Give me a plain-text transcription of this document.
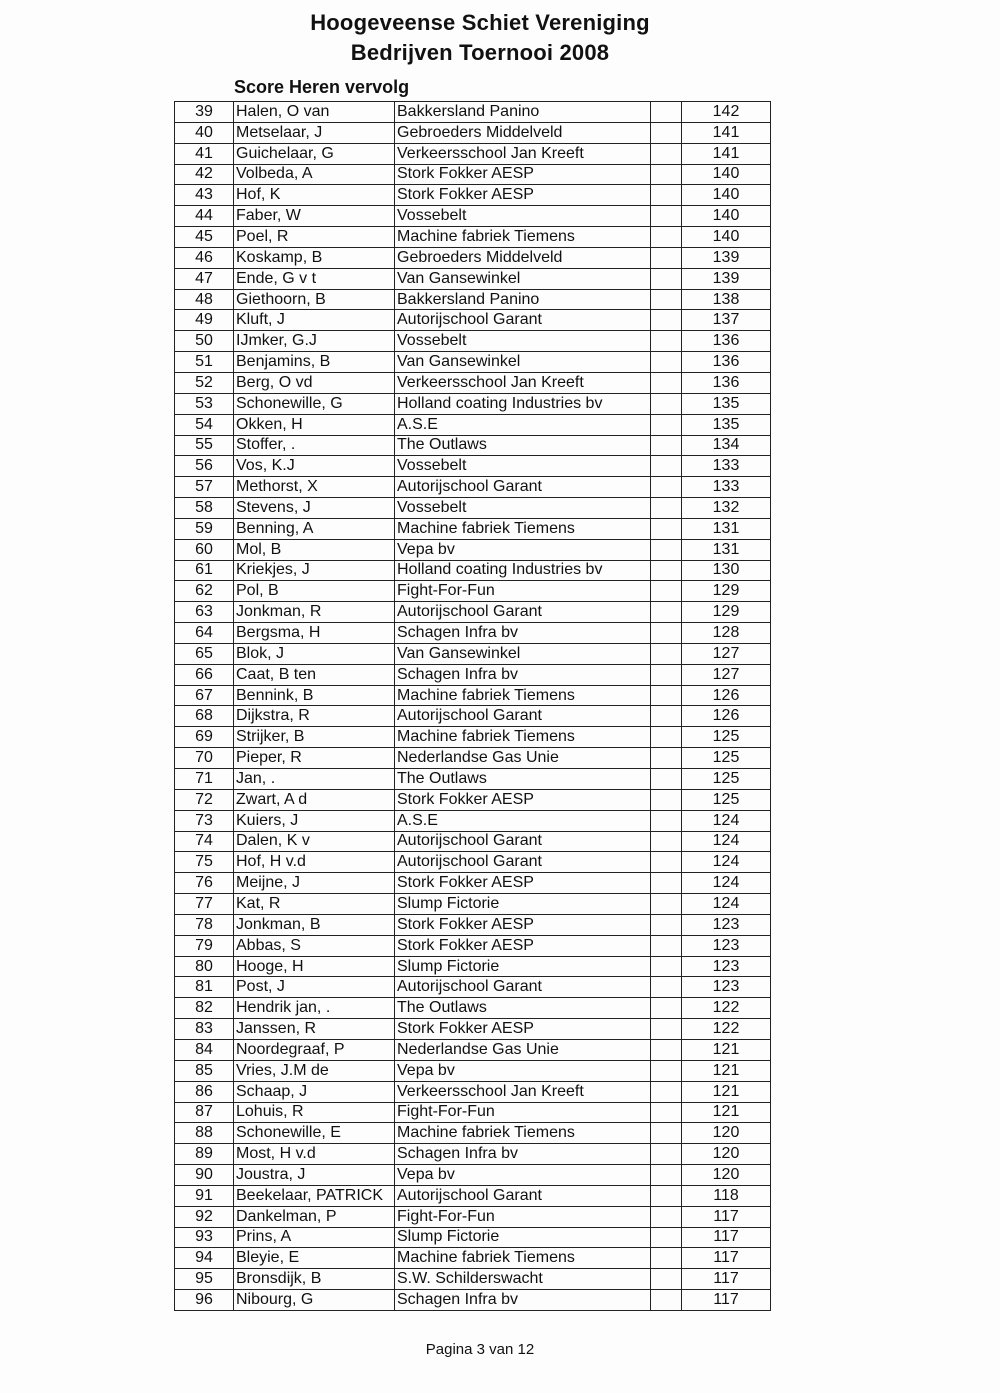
Hoogeveense Schiet Vereniging
Bedrijven Toernooi 2008
Score Heren vervolg
39	Halen, O van	Bakkersland Panino		142
40	Metselaar, J	Gebroeders Middelveld		141
41	Guichelaar, G	Verkeersschool Jan Kreeft		141
42	Volbeda, A	Stork Fokker AESP		140
43	Hof, K	Stork Fokker AESP		140
44	Faber, W	Vossebelt		140
45	Poel, R	Machine fabriek Tiemens		140
46	Koskamp, B	Gebroeders Middelveld		139
47	Ende, G v t	Van Gansewinkel		139
48	Giethoorn, B	Bakkersland Panino		138
49	Kluft, J	Autorijschool Garant		137
50	IJmker, G.J	Vossebelt		136
51	Benjamins, B	Van Gansewinkel		136
52	Berg, O vd	Verkeersschool Jan Kreeft		136
53	Schonewille, G	Holland coating Industries bv		135
54	Okken, H	A.S.E		135
55	Stoffer, .	The Outlaws		134
56	Vos, K.J	Vossebelt		133
57	Methorst, X	Autorijschool Garant		133
58	Stevens, J	Vossebelt		132
59	Benning, A	Machine fabriek Tiemens		131
60	Mol, B	Vepa bv		131
61	Kriekjes, J	Holland coating Industries bv		130
62	Pol, B	Fight-For-Fun		129
63	Jonkman, R	Autorijschool Garant		129
64	Bergsma, H	Schagen Infra bv		128
65	Blok, J	Van Gansewinkel		127
66	Caat, B ten	Schagen Infra bv		127
67	Bennink, B	Machine fabriek Tiemens		126
68	Dijkstra, R	Autorijschool Garant		126
69	Strijker, B	Machine fabriek Tiemens		125
70	Pieper, R	Nederlandse Gas Unie		125
71	Jan, .	The Outlaws		125
72	Zwart, A d	Stork Fokker AESP		125
73	Kuiers, J	A.S.E		124
74	Dalen, K v	Autorijschool Garant		124
75	Hof, H v.d	Autorijschool Garant		124
76	Meijne, J	Stork Fokker AESP		124
77	Kat, R	Slump Fictorie		124
78	Jonkman, B	Stork Fokker AESP		123
79	Abbas, S	Stork Fokker AESP		123
80	Hooge, H	Slump Fictorie		123
81	Post, J	Autorijschool Garant		123
82	Hendrik jan, .	The Outlaws		122
83	Janssen, R	Stork Fokker AESP		122
84	Noordegraaf, P	Nederlandse Gas Unie		121
85	Vries, J.M de	Vepa bv		121
86	Schaap, J	Verkeersschool Jan Kreeft		121
87	Lohuis, R	Fight-For-Fun		121
88	Schonewille, E	Machine fabriek Tiemens		120
89	Most, H v.d	Schagen Infra bv		120
90	Joustra, J	Vepa bv		120
91	Beekelaar, PATRICK	Autorijschool Garant		118
92	Dankelman, P	Fight-For-Fun		117
93	Prins, A	Slump Fictorie		117
94	Bleyie, E	Machine fabriek Tiemens		117
95	Bronsdijk, B	S.W. Schilderswacht		117
96	Nibourg, G	Schagen Infra bv		117
Pagina 3 van 12
